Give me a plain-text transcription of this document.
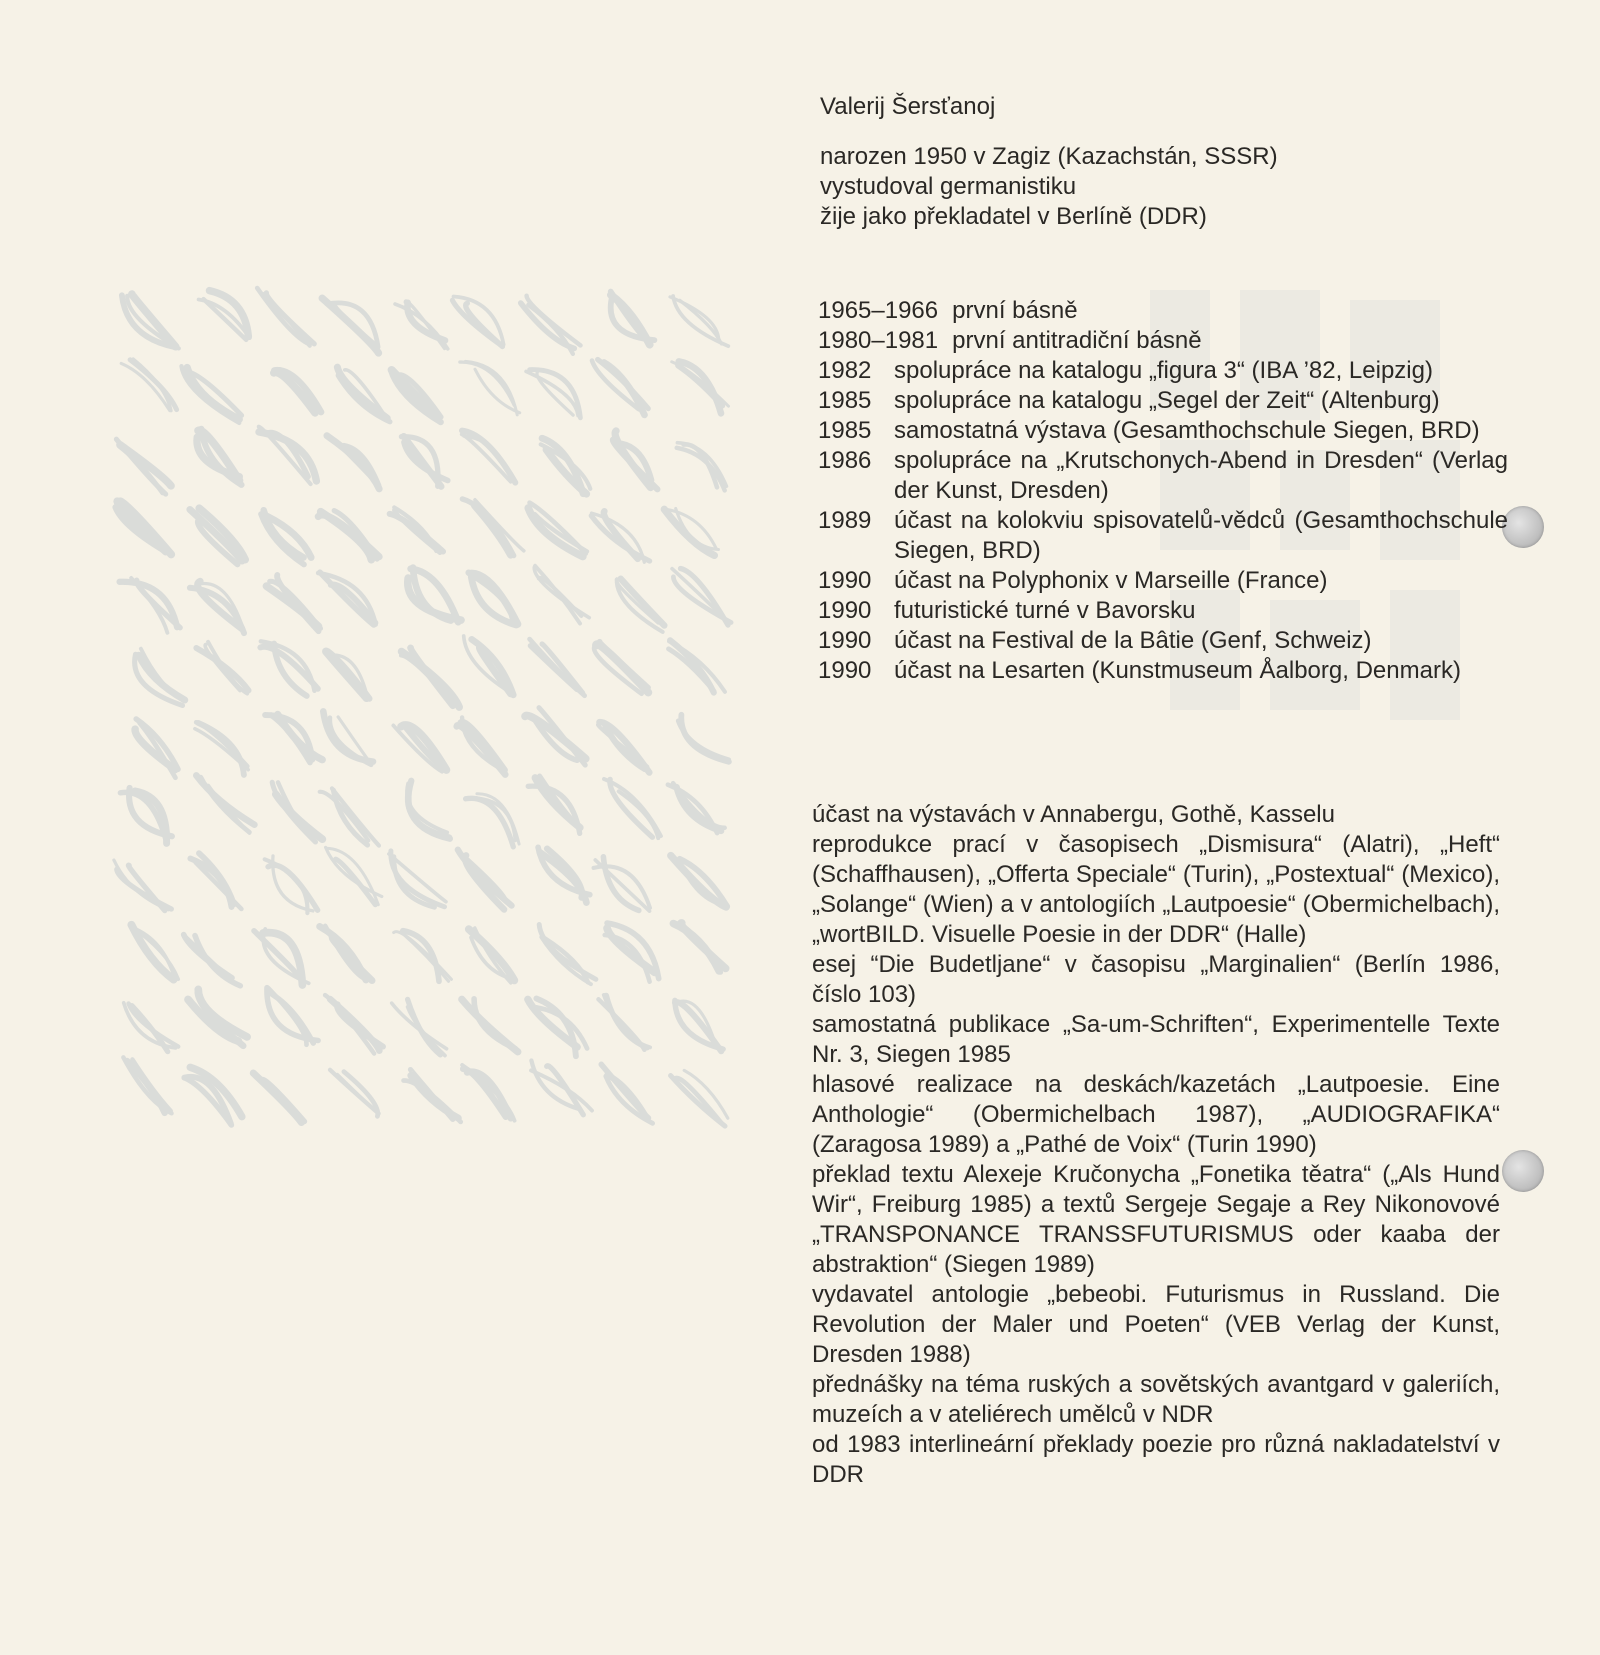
Valerij Šersťanoj
narozen 1950 v Zagiz (Kazachstán, SSSR)
vystudoval germanistiku
žije jako překladatel v Berlíně (DDR)
1965–1966 první básně
1980–1981 první antitradiční básně
1982 spolupráce na katalogu „figura 3“ (IBA ’82, Leipzig)
1985 spolupráce na katalogu „Segel der Zeit“ (Altenburg)
1985 samostatná výstava (Gesamthochschule Siegen, BRD)
1986 spolupráce na „Krutschonych-Abend in Dresden“ (Verlag der Kunst, Dresden)
1989 účast na kolokviu spisovatelů-vědců (Gesamthochschule Siegen, BRD)
1990 účast na Polyphonix v Marseille (France)
1990 futuristické turné v Bavorsku
1990 účast na Festival de la Bâtie (Genf, Schweiz)
1990 účast na Lesarten (Kunstmuseum Åalborg, Denmark)
účast na výstavách v Annabergu, Gothě, Kasselu
reprodukce prací v časopisech „Dismisura“ (Alatri), „Heft“ (Schaffhausen), „Offerta Speciale“ (Turin), „Postextual“ (Mexico), „Solange“ (Wien) a v antologiích „Lautpoesie“ (Obermichelbach), „wortBILD. Visuelle Poesie in der DDR“ (Halle)
esej “Die Budetljane“ v časopisu „Marginalien“ (Berlín 1986, číslo 103)
samostatná publikace „Sa-um-Schriften“, Experimentelle Texte Nr. 3, Siegen 1985
hlasové realizace na deskách/kazetách „Lautpoesie. Eine Anthologie“ (Obermichelbach 1987), „AUDIOGRAFIKA“ (Zaragosa 1989) a „Pathé de Voix“ (Turin 1990)
překlad textu Alexeje Kručonycha „Fonetika těatra“ („Als Hund Wir“, Freiburg 1985) a textů Sergeje Segaje a Rey Nikonovové „TRANSPONANCE TRANSSFUTURISMUS oder kaaba der abstraktion“ (Siegen 1989)
vydavatel antologie „bebeobi. Futurismus in Russland. Die Revolution der Maler und Poeten“ (VEB Verlag der Kunst, Dresden 1988)
přednášky na téma ruských a sovětských avantgard v galeriích, muzeích a v ateliérech umělců v NDR
od 1983 interlineární překlady poezie pro různá nakladatelství v DDR
